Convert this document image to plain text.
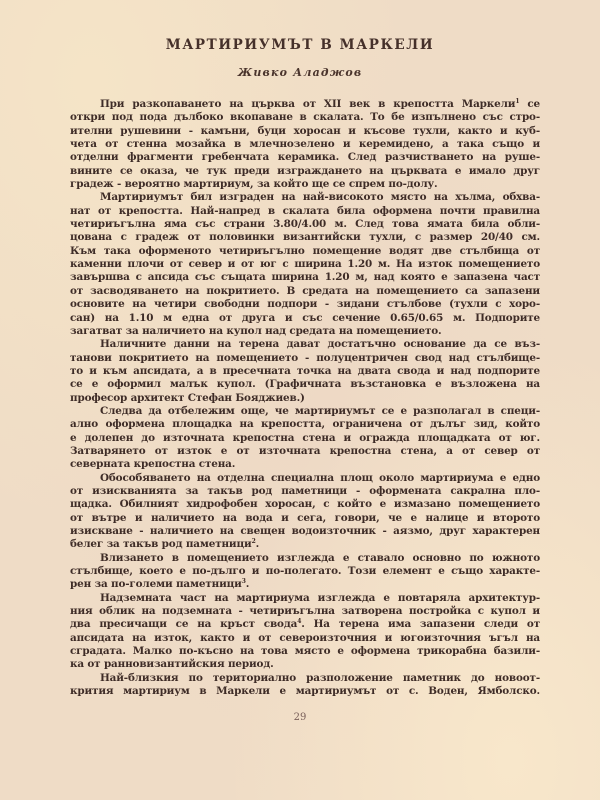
МАРТИРИУМЪТ В МАРКЕЛИ
Живко Аладжов
При разкопаването на църква от XII век в крепостта Маркели$^1$ се
откри под пода дълбоко вкопаване в скалата. То бе изпълнено със стро-
ителни рушевини - камъни, буци хоросан и късове тухли, както и куб-
чета от стенна мозайка в млечнозелено и керемидено, а така също и
отделни фрагменти гребенчата керамика. След разчистването на руше-
вините се оказа, че тук преди изграждането на църквата е имало друг
градеж - вероятно мартириум, за който ще се спрем по-долу.
Мартириумът бил изграден на най-високото място на хълма, обхва-
нат от крепостта. Най-напред в скалата била оформена почти правилна
четириъгълна яма със страни 3.80/4.00 м. След това ямата била обли-
цована с градеж от половинки византийски тухли, с размер 20/40 см.
Към така оформеното четириъгълно помещение водят две стълбища от
каменни плочи от север и от юг с ширина 1.20 м. На изток помещението
завършва с апсида със същата ширина 1.20 м, над която е запазена част
от засводяването на покритието. В средата на помещението са запазени
основите на четири свободни подпори - зидани стълбове (тухли с хоро-
сан) на 1.10 м една от друга и със сечение 0.65/0.65 м. Подпорите
загатват за наличието на купол над средата на помещението.
Наличните данни на терена дават достатъчно основание да се въз-
танови покритието на помещението - полуцентричен свод над стълбище-
то и към апсидата, а в пресечната точка на двата свода и над подпорите
се е оформил малък купол. (Графичната възстановка е възложена на
професор архитект Стефан Бояджиев.)
Следва да отбележим още, че мартириумът се е разполагал в специ-
ално оформена площадка на крепостта, ограничена от дълъг зид, който
е долепен до източната крепостна стена и огражда площадката от юг.
Затварянето от изток е от източната крепостна стена, а от север от
северната крепостна стена.
Обособяването на отделна специална площ около мартириума е едно
от изискванията за такъв род паметници - оформената сакрална пло-
щадка. Обилният хидрофобен хоросан, с който е измазано помещението
от вътре и наличието на вода и сега, говори, че е налице и второто
изискване - наличието на свещен водоизточник - аязмо, друг характерен
белег за такъв род паметници$^2$.
Влизането в помещението изглежда е ставало основно по южното
стълбище, което е по-дълго и по-полегато. Този елемент е също характе-
рен за по-големи паметници$^3$.
Надземната част на мартириума изглежда е повтаряла архитектур-
ния облик на подземната - четириъгълна затворена постройка с купол и
два пресичащи се на кръст свода$^4$. На терена има запазени следи от
апсидата на изток, както и от североизточния и югоизточния ъгъл на
сградата. Малко по-късно на това място е оформена трикорабна базили-
ка от ранновизантийския период.
Най-близкия по териториално разположение паметник до новоот-
крития мартириум в Маркели е мартириумът от с. Воден, Ямболско.
29
